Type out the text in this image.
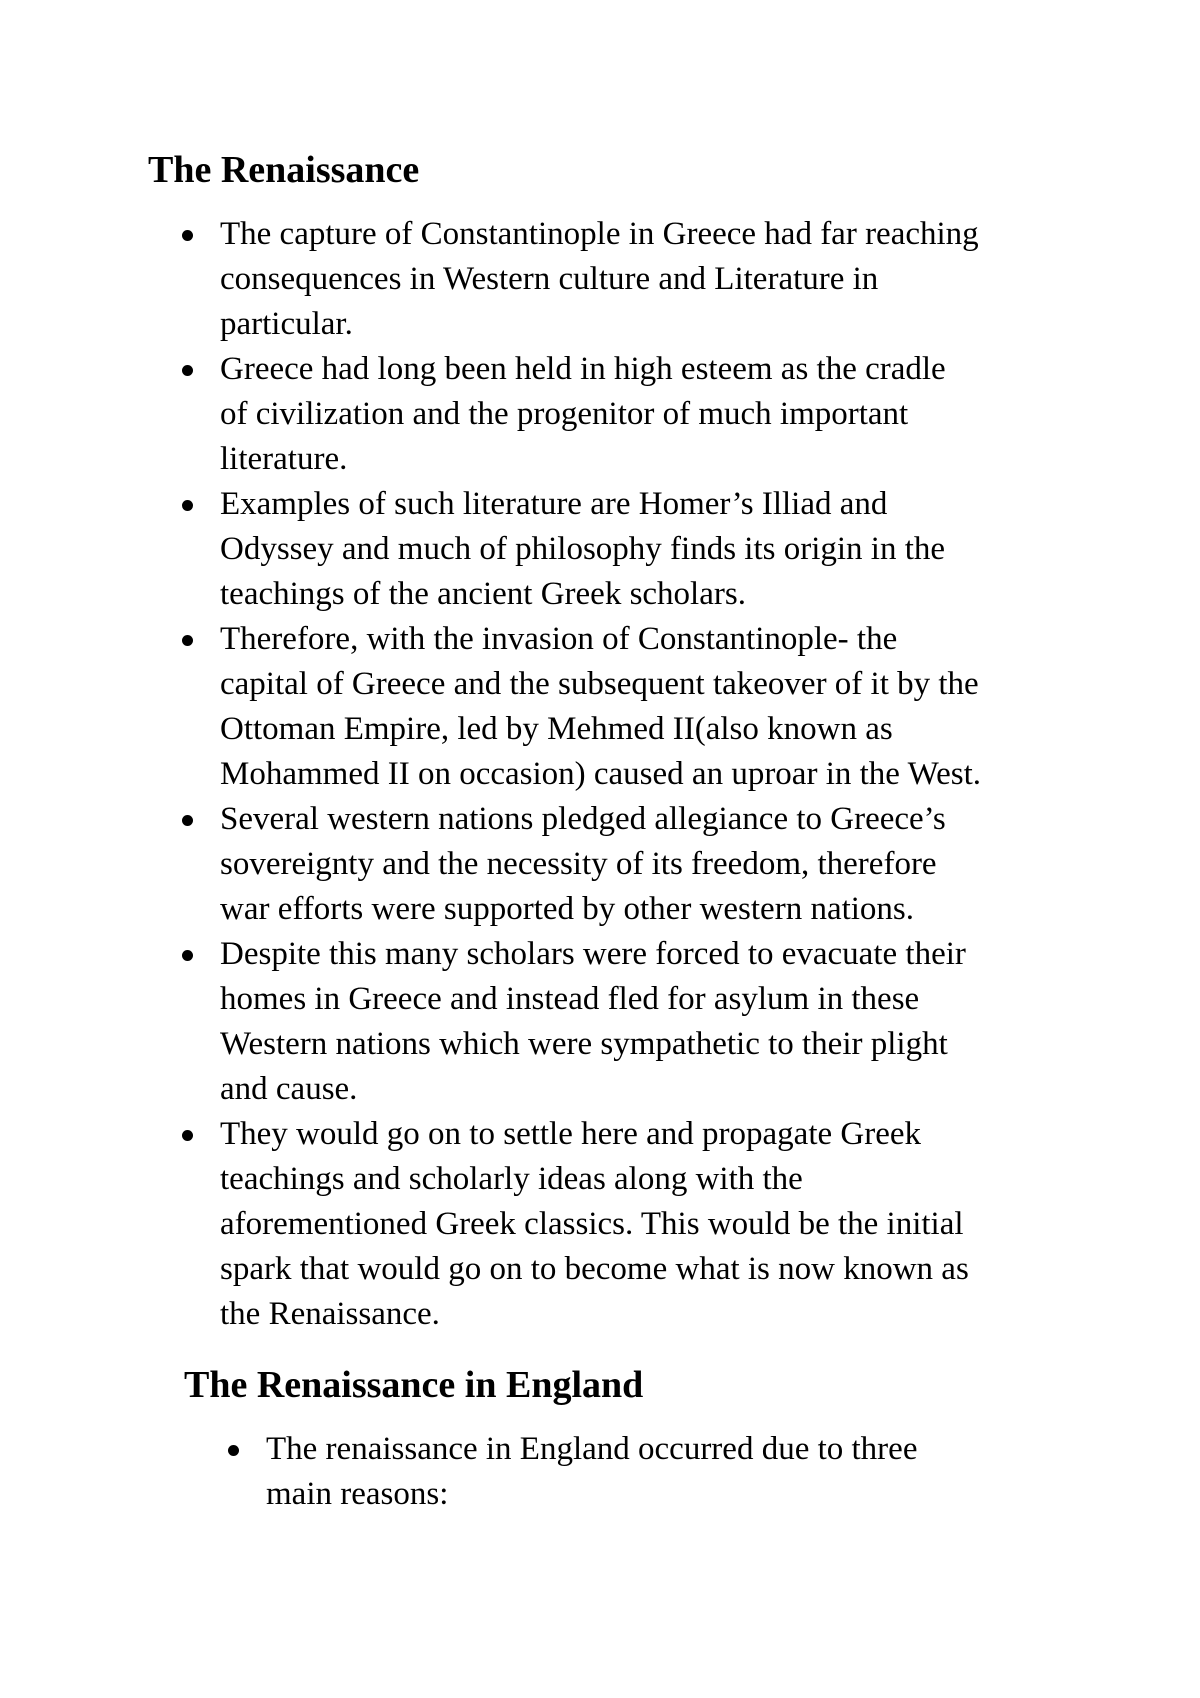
The Renaissance
The capture of Constantinople in Greece had far reaching
consequences in Western culture and Literature in
particular.
Greece had long been held in high esteem as the cradle
of civilization and the progenitor of much important
literature.
Examples of such literature are Homer’s Illiad and
Odyssey and much of philosophy finds its origin in the
teachings of the ancient Greek scholars.
Therefore, with the invasion of Constantinople- the
capital of Greece and the subsequent takeover of it by the
Ottoman Empire, led by Mehmed II(also known as
Mohammed II on occasion) caused an uproar in the West.
Several western nations pledged allegiance to Greece’s
sovereignty and the necessity of its freedom, therefore
war efforts were supported by other western nations.
Despite this many scholars were forced to evacuate their
homes in Greece and instead fled for asylum in these
Western nations which were sympathetic to their plight
and cause.
They would go on to settle here and propagate Greek
teachings and scholarly ideas along with the
aforementioned Greek classics. This would be the initial
spark that would go on to become what is now known as
the Renaissance.
The Renaissance in England
The renaissance in England occurred due to three
main reasons:
